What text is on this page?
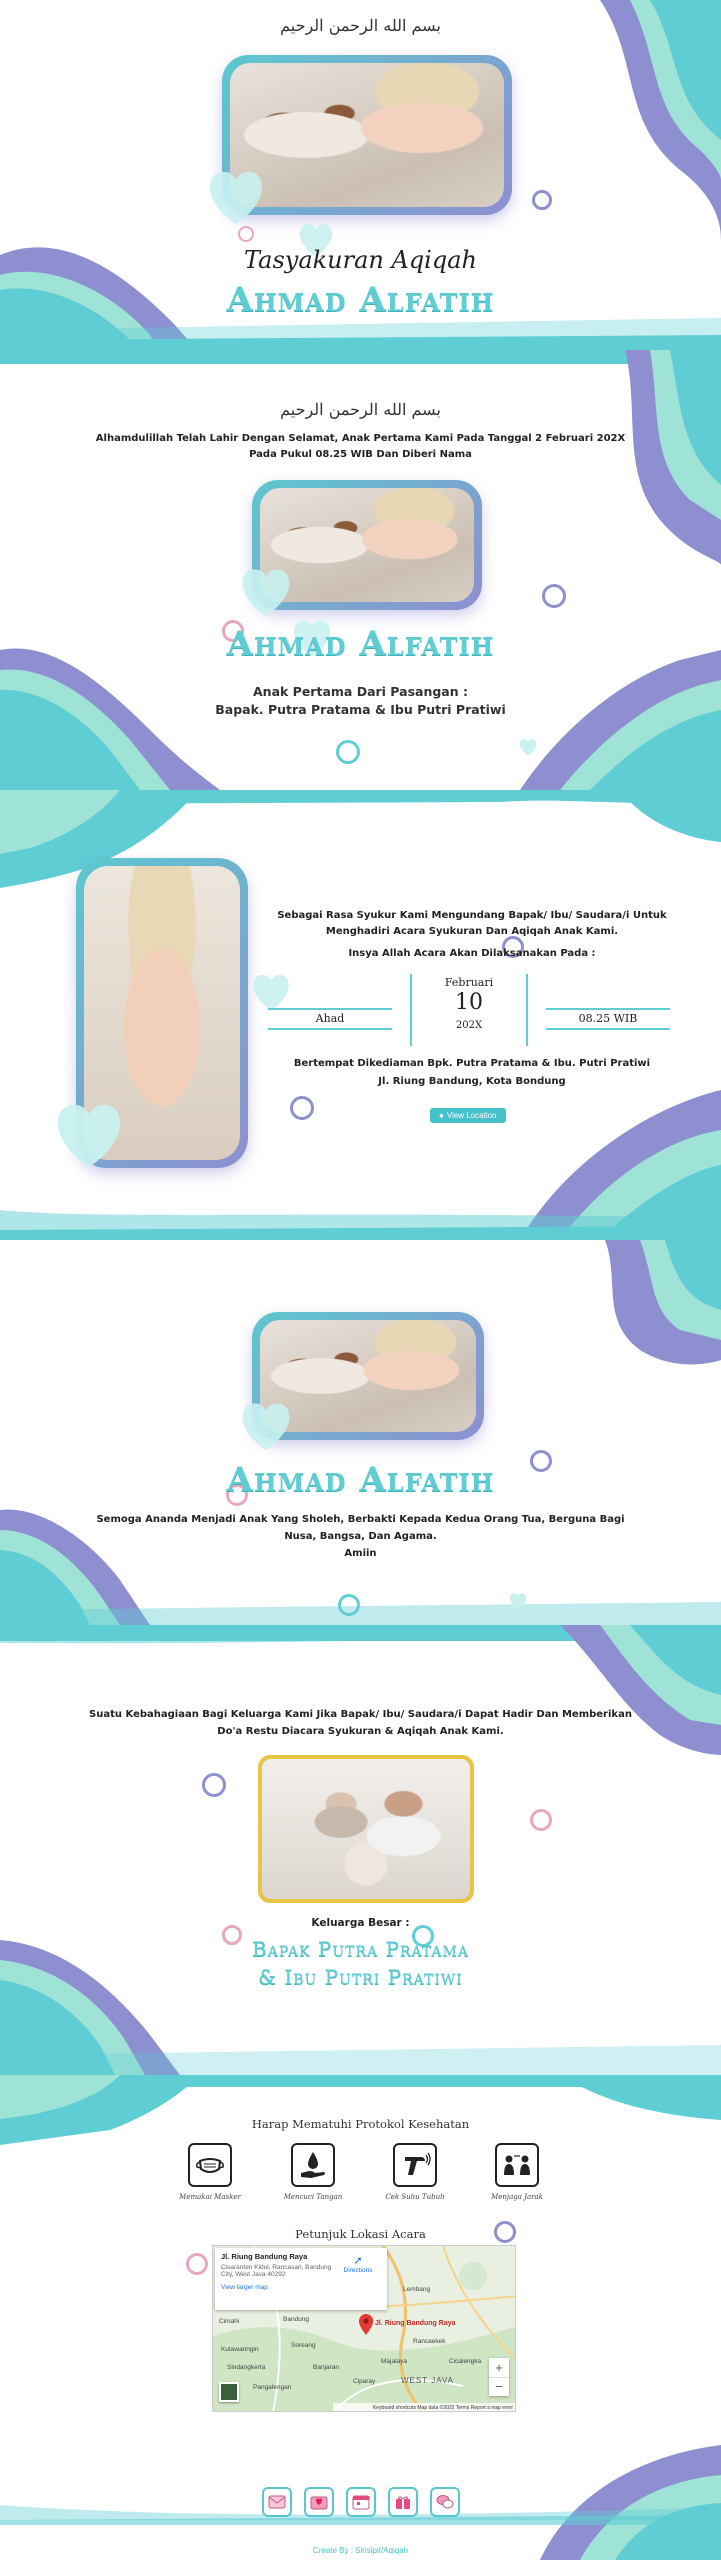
بسم الله الرحمن الرحيم
Tasyakuran Aqiqah
Ahmad Alfatih
بسم الله الرحمن الرحيم
Alhamdulillah Telah Lahir Dengan Selamat, Anak Pertama Kami Pada Tanggal 2 Februari 202X
Pada Pukul 08.25 WIB Dan Diberi Nama
Ahmad Alfatih
Anak Pertama Dari Pasangan :
Bapak. Putra Pratama & Ibu Putri Pratiwi
Sebagai Rasa Syukur Kami Mengundang Bapak/ Ibu/ Saudara/i Untuk
Menghadiri Acara Syukuran Dan Aqiqah Anak Kami.
Insya Allah Acara Akan Dilaksanakan Pada :
Ahad
Februari
10
202X
08.25 WIB
Bertempat Dikediaman Bpk. Putra Pratama & Ibu. Putri Pratiwi
Jl. Riung Bandung, Kota Bondung
● View Location
Ahmad Alfatih
Semoga Ananda Menjadi Anak Yang Sholeh, Berbakti Kepada Kedua Orang Tua, Berguna Bagi
Nusa, Bangsa, Dan Agama.
Amiin
Suatu Kebahagiaan Bagi Keluarga Kami Jika Bapak/ Ibu/ Saudara/i Dapat Hadir Dan Memberikan
Do'a Restu Diacara Syukuran & Aqiqah Anak Kami.
Keluarga Besar :
Bapak Putra Pratama
& Ibu Putri Pratiwi
Harap Mematuhi Protokol Kesehatan
Memakai Masker	Mencuci Tangan	Cek Suhu Tubuh	Menjaga Jarak
Petunjuk Lokasi Acara
Jl. Riung Bandung Raya
Cisaranten Kidul, Rancasari, Bandung
City, West Java 40292
View larger map
➚
Directions
Jl. Riung Bandung Raya
WEST JAVA
Cimahi	Bandung
Soreang
Banjaran
Majalaya
Rancaekek
Cicalengka
Lembang
Kutawaringin
Sindangkerta
Ciparay
Pangalengan
+
−
Keyboard shortcuts Map data ©2022 Terms Report a map error
Create By : Sirisipit/Aqiqah
